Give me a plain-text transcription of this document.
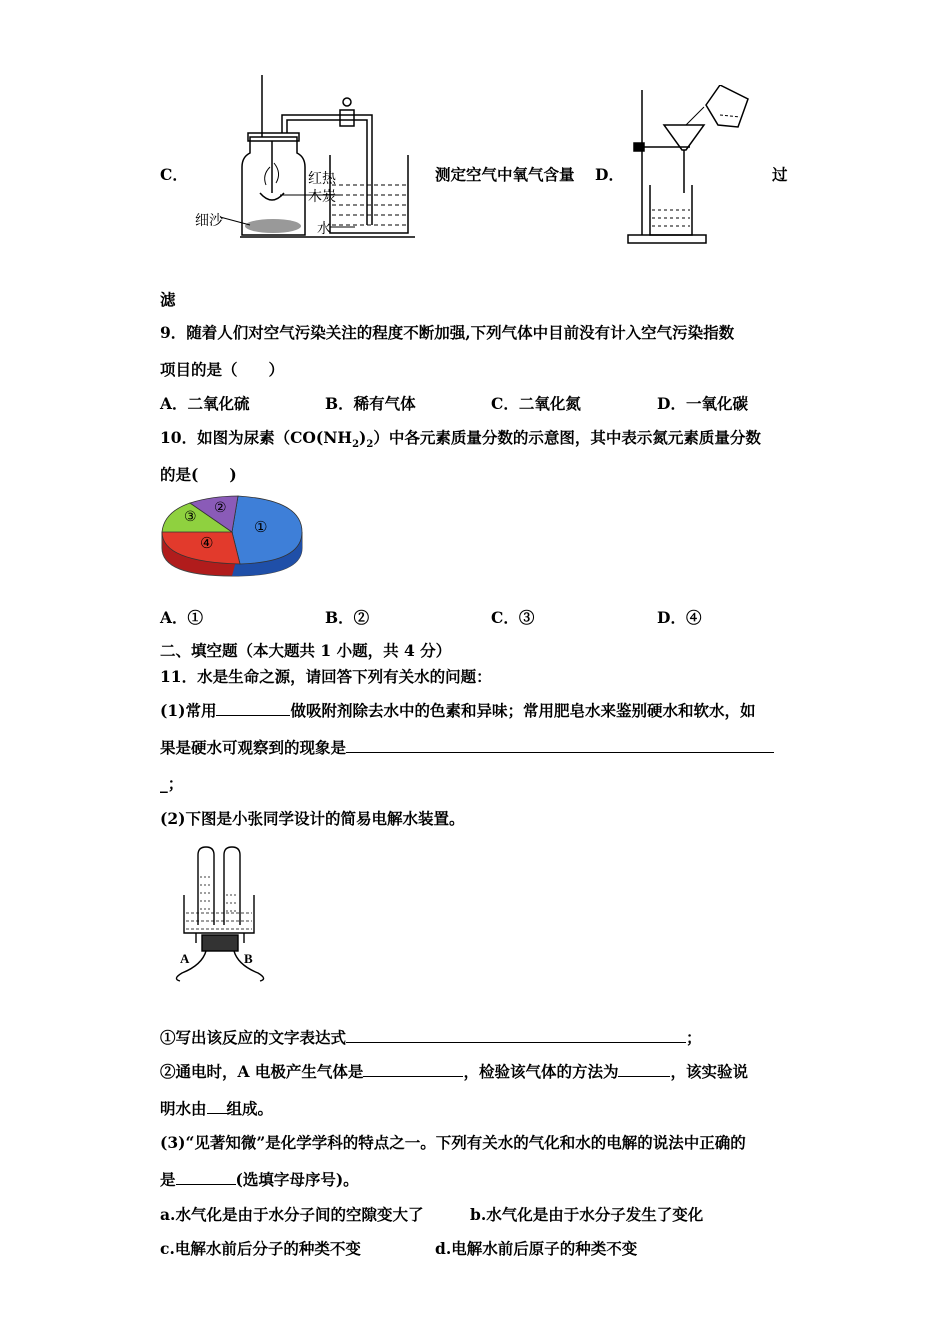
C．	红热
木炭
细沙	水
测定空气中氧气含量 D．	过
滤
9．随着人们对空气污染关注的程度不断加强,下列气体中目前没有计入空气污染指数
项目的是（　　）
A．二氧化硫	B．稀有气体	C．二氧化氮	D．一氧化碳
10．如图为尿素$(CO(NH_2)_2)$中各元素质量分数的示意图，其中表示氮元素质量分数
的是(　　)
①
②
③
④
A．①	B．②	C．③	D．④
二、填空题（本大题共 1 小题，共 4 分）
11．水是生命之源，请回答下列有关水的问题：
(1)常用	做吸附剂除去水中的色素和异味；常用肥皂水来鉴别硬水和软水，如
果是硬水可观察到的现象是
_；
(2)下图是小张同学设计的简易电解水装置。
A	B
①写出该反应的文字表达式	；
②通电时，A 电极产生气体是	，检验该气体的方法为	，该实验说
明水由 组成。
(3)“见著知微”是化学学科的特点之一。下列有关水的气化和水的电解的说法中正确的
是	(选填字母序号)。
a.水气化是由于水分子间的空隙变大了	b.水气化是由于水分子发生了变化
c.电解水前后分子的种类不变	d.电解水前后原子的种类不变
